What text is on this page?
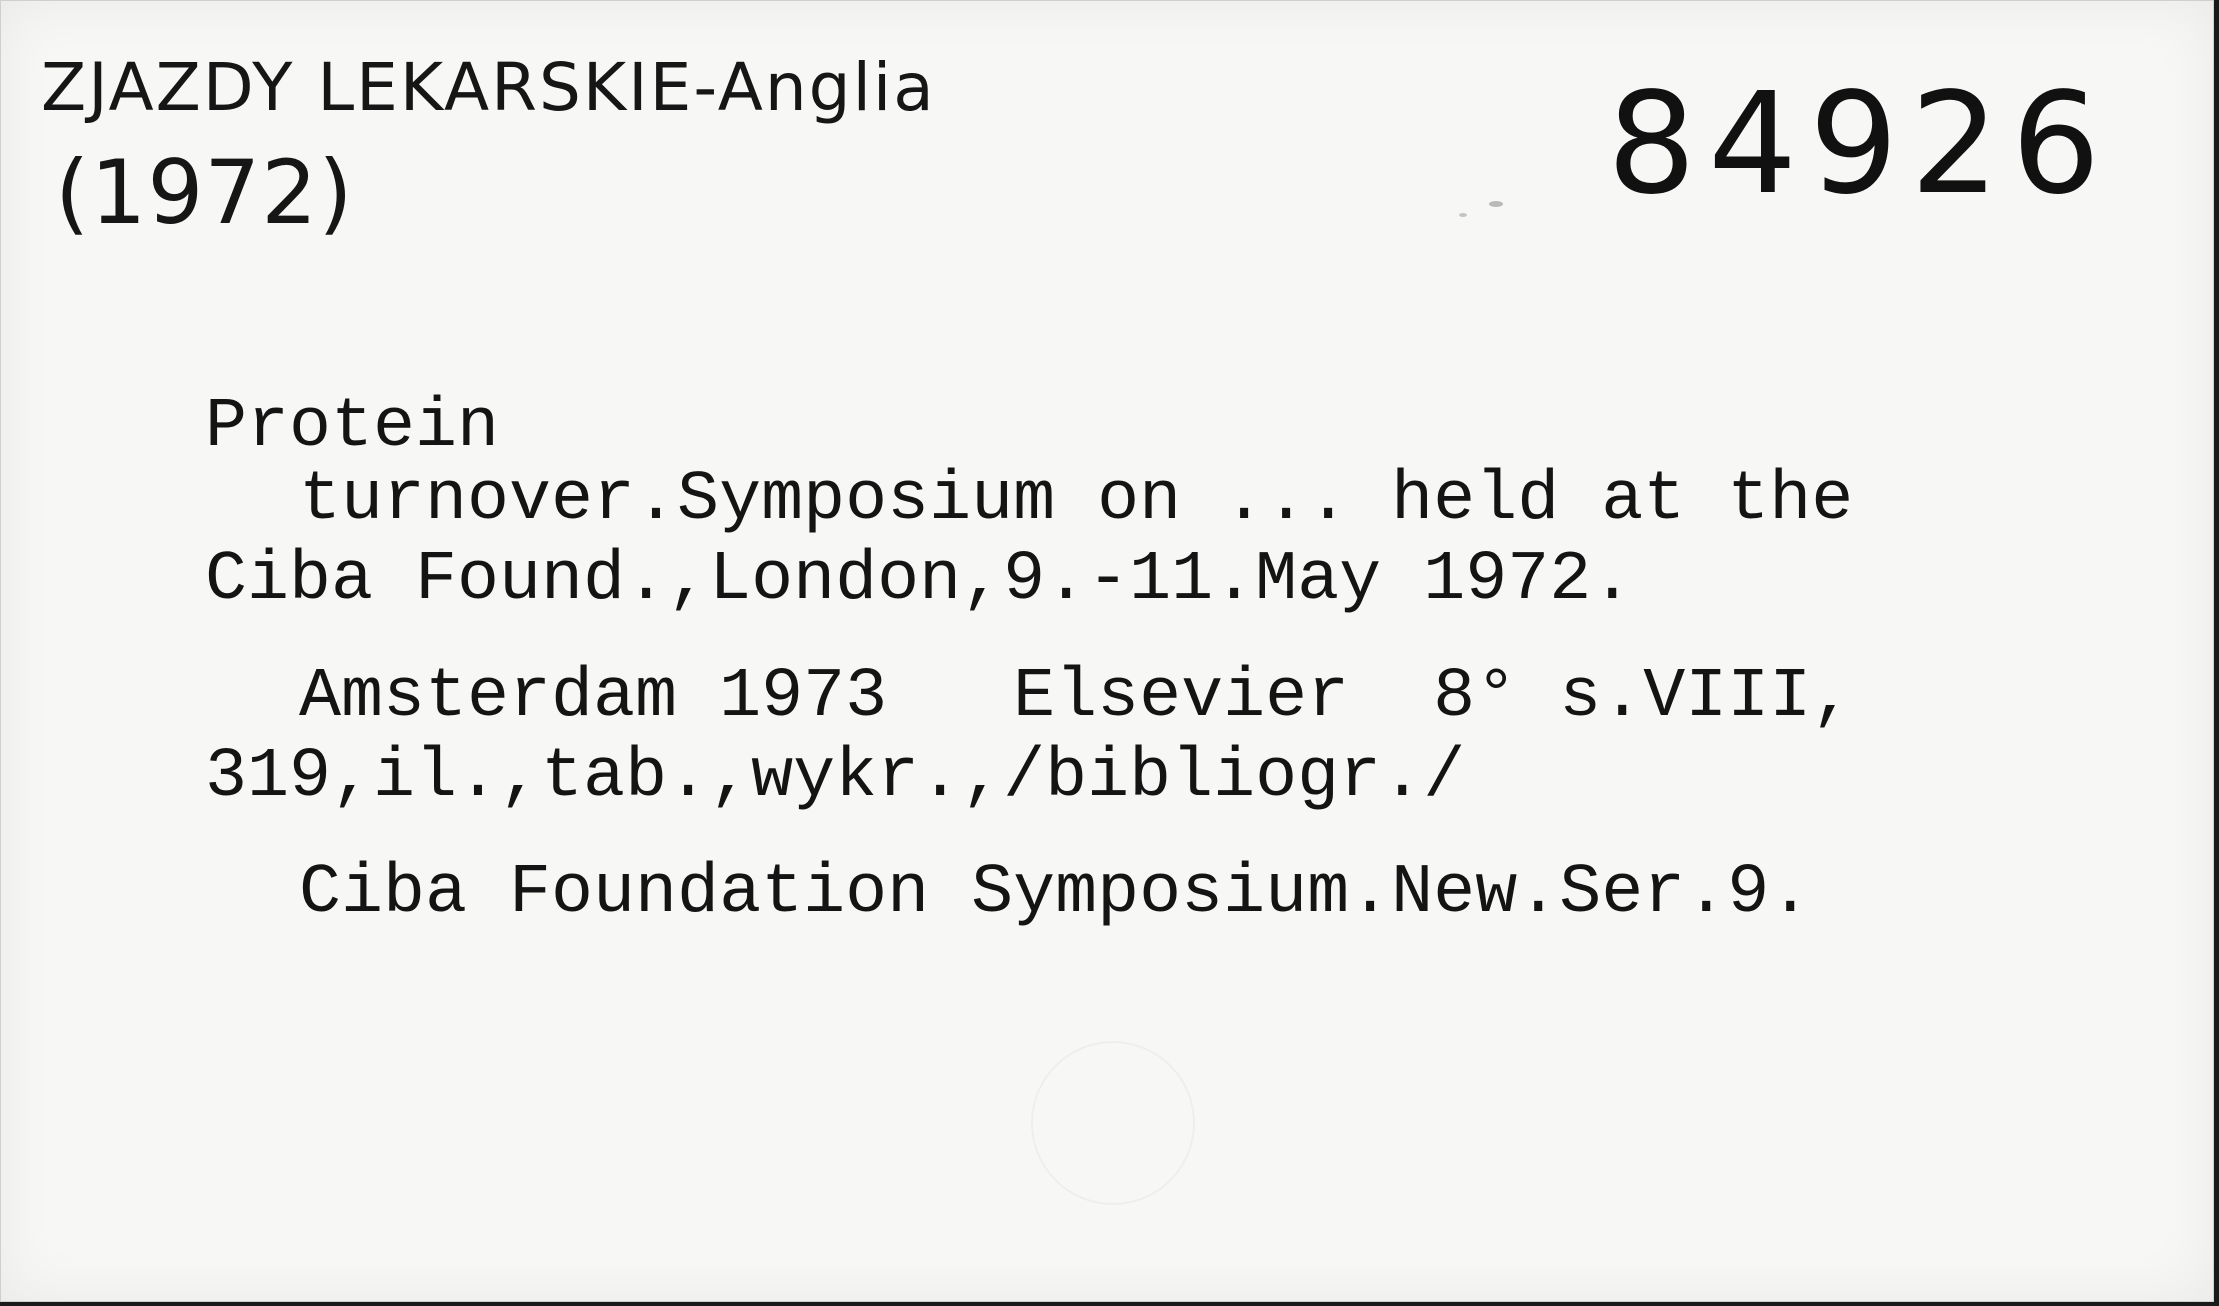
ZJAZDY LEKARSKIE-Anglia
(1972)	84926
Protein
turnover.Symposium on ... held at the
Ciba Found.,London,9.-11.May 1972.
Amsterdam 1973   Elsevier  8° s.VIII,
319,il.,tab.,wykr.,/bibliogr./
Ciba Foundation Symposium.New.Ser.9.
